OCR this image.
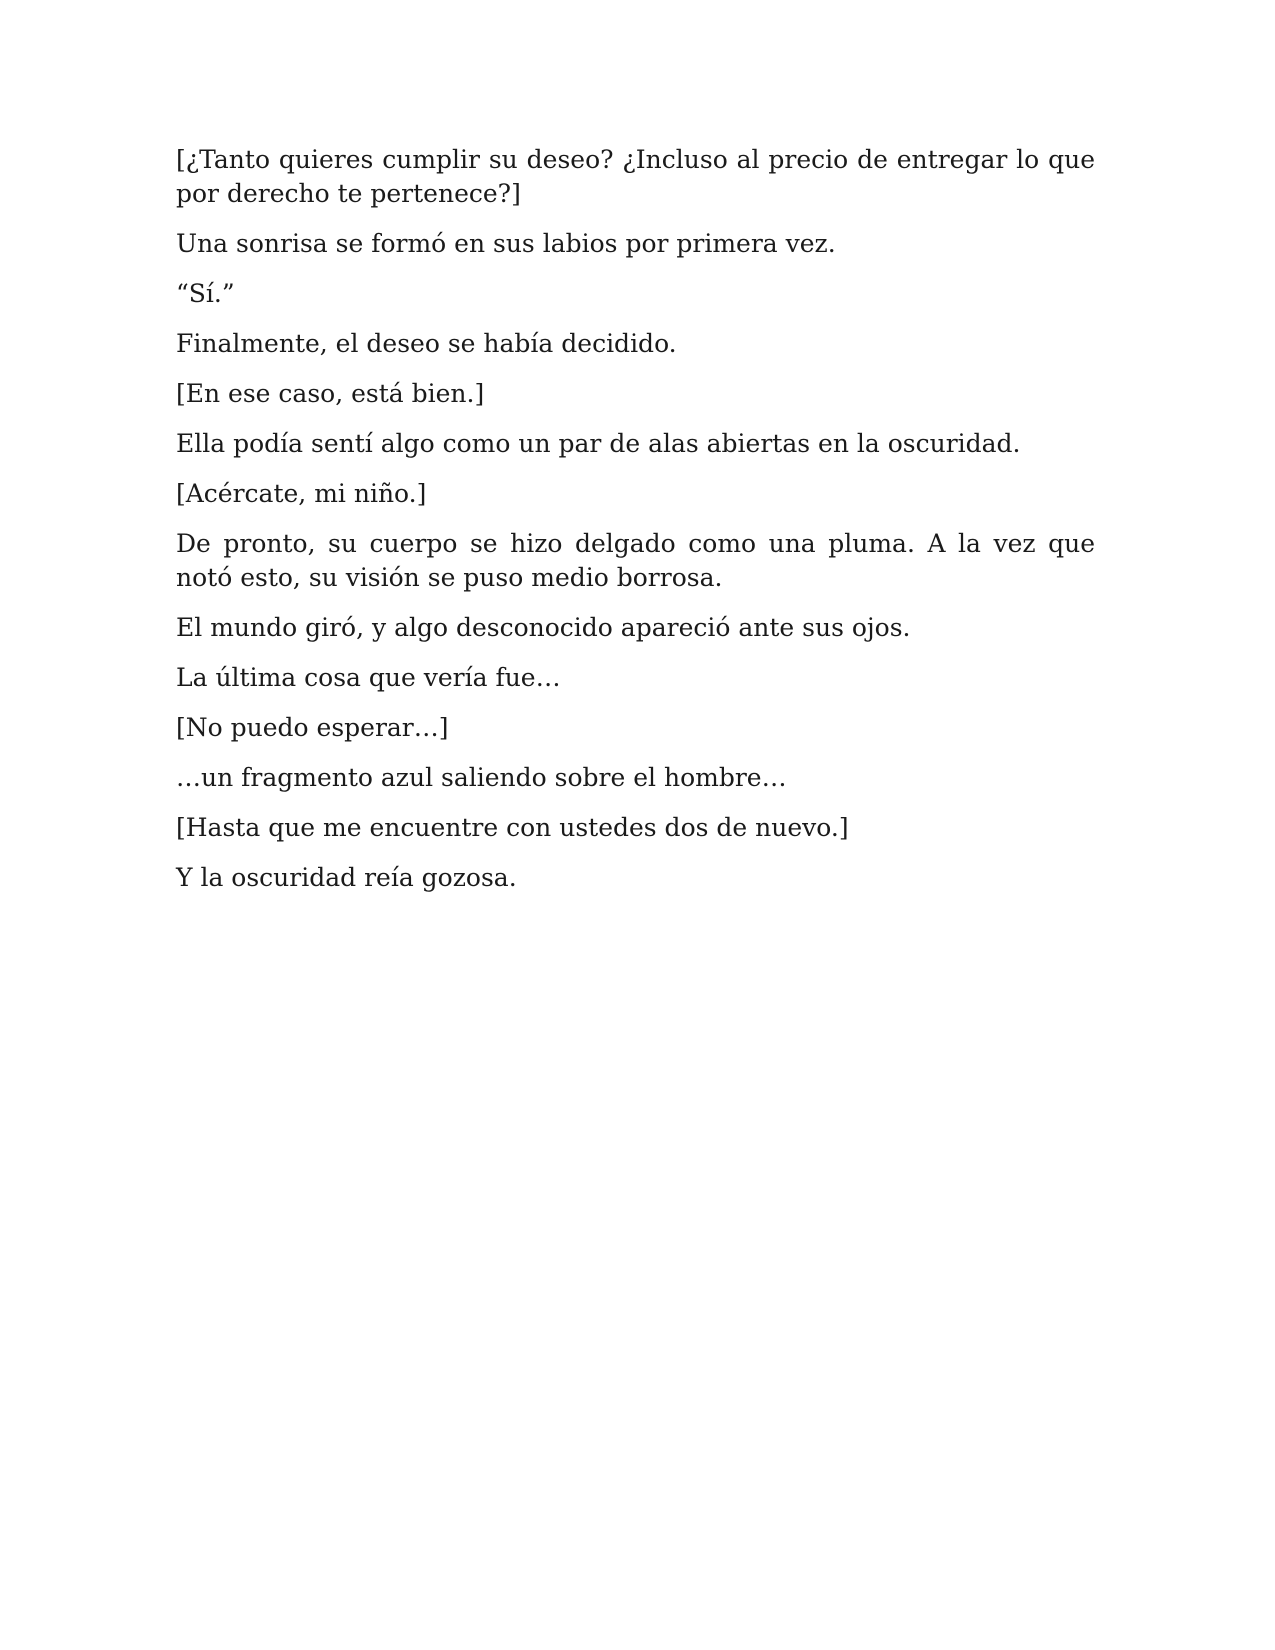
[¿Tanto quieres cumplir su deseo? ¿Incluso al precio de entregar lo que por derecho te pertenece?]

Una sonrisa se formó en sus labios por primera vez.

“Sí.”

Finalmente, el deseo se había decidido.

[En ese caso, está bien.]

Ella podía sentí algo como un par de alas abiertas en la oscuridad.

[Acércate, mi niño.]

De pronto, su cuerpo se hizo delgado como una pluma. A la vez que notó esto, su visión se puso medio borrosa.

El mundo giró, y algo desconocido apareció ante sus ojos.

La última cosa que vería fue…

[No puedo esperar…]

…un fragmento azul saliendo sobre el hombre…

[Hasta que me encuentre con ustedes dos de nuevo.]

Y la oscuridad reía gozosa.
